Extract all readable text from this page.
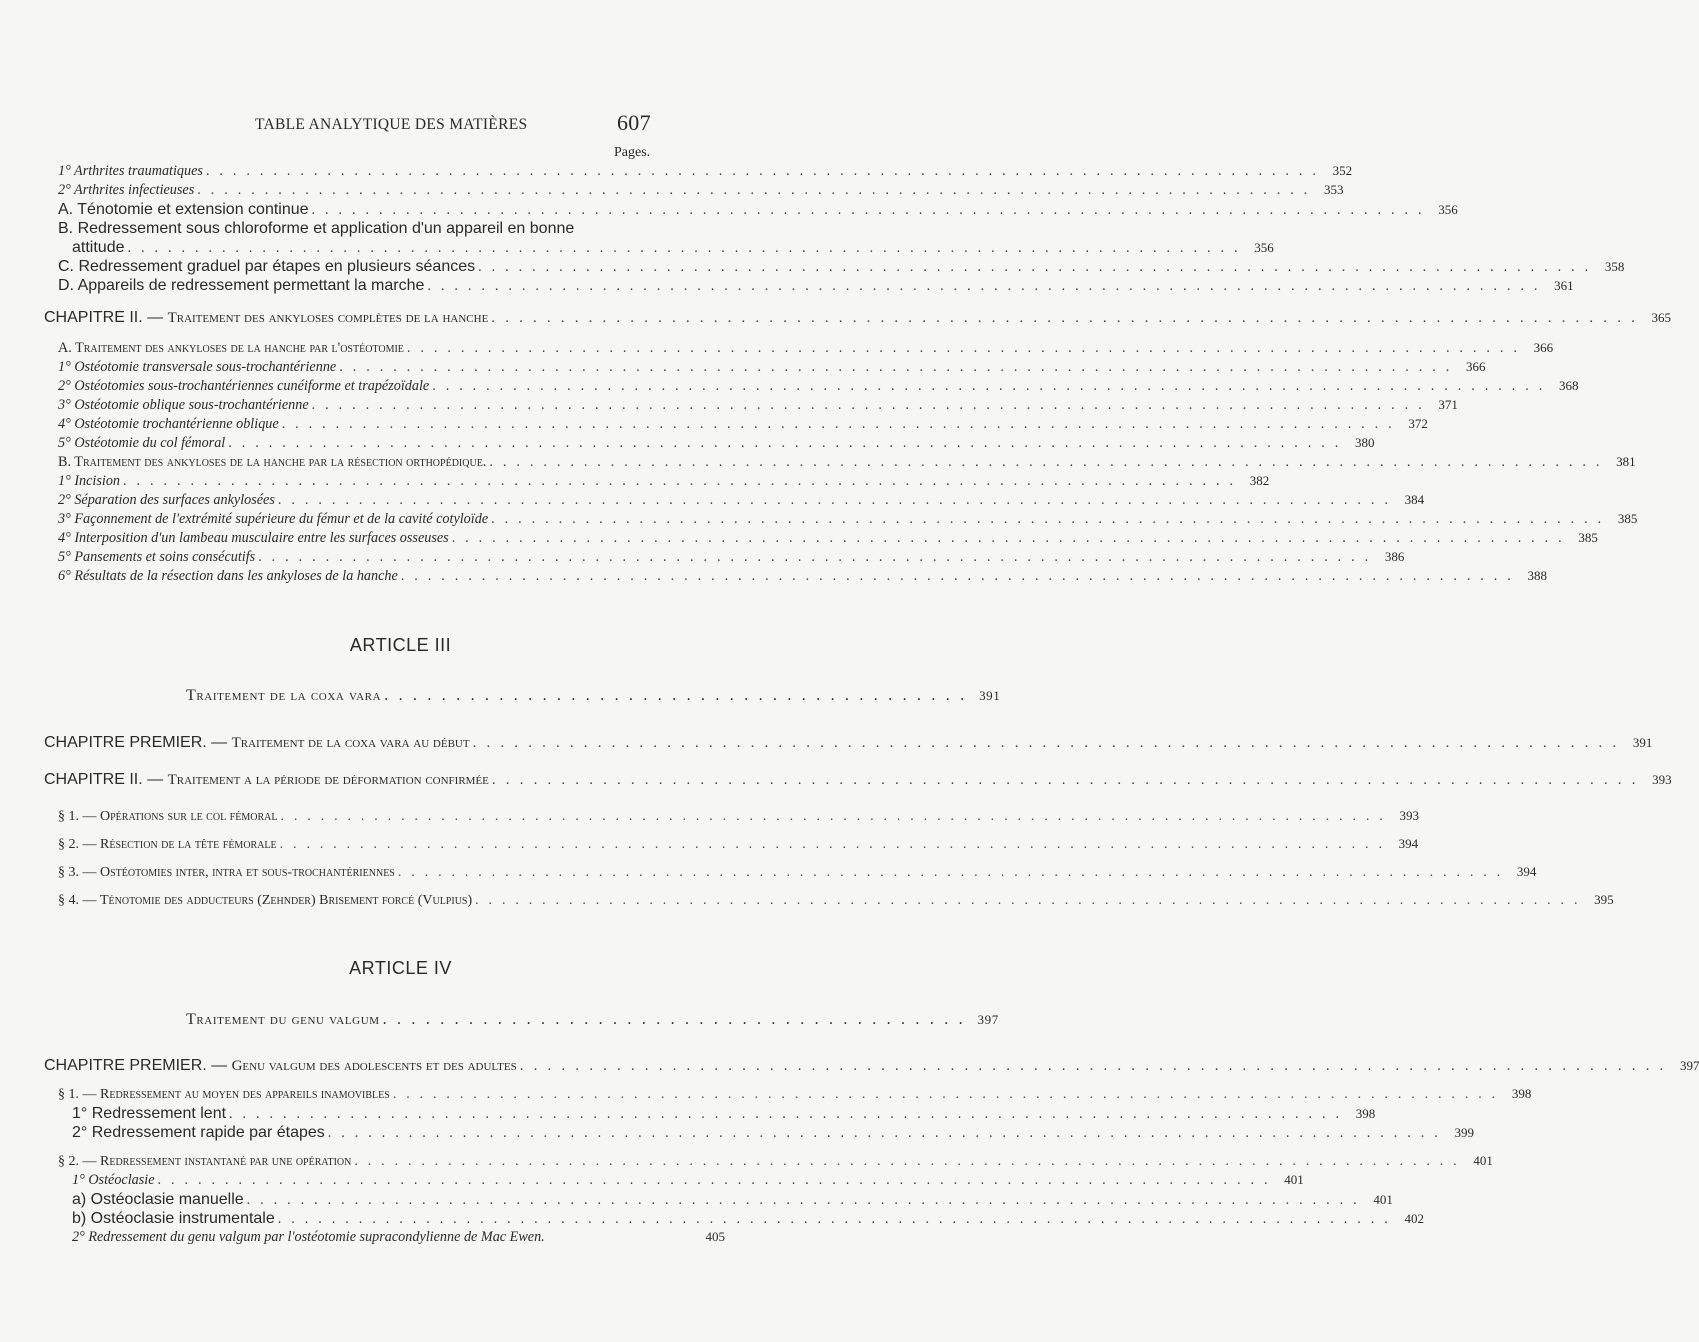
TABLE ANALYTIQUE DES MATIÈRES	607
Pages.
1° Arthrites traumatiques . . .	352
2° Arthrites infectieuses . . .	353
A. Ténotomie et extension continue . . .	356
B. Redressement sous chloroforme et application d'un appareil en bonne
attitude . . .	356
C. Redressement graduel par étapes en plusieurs séances . . .	358
D. Appareils de redressement permettant la marche . . .	361
CHAPITRE II. — Traitement des ankyloses complètes de la hanche . . .	365
A. Traitement des ankyloses de la hanche par l'ostéotomie . . .	366
1° Ostéotomie transversale sous-trochantérienne . . .	366
2° Ostéotomies sous-trochantériennes cunéiforme et trapézoïdale . . .	368
3° Ostéotomie oblique sous-trochantérienne . . .	371
4° Ostéotomie trochantérienne oblique . . .	372
5° Ostéotomie du col fémoral . . .	380
B. Traitement des ankyloses de la hanche par la résection orthopédique. . . .	381
1° Incision . . .	382
2° Séparation des surfaces ankylosées . . .	384
3° Façonnement de l'extrémité supérieure du fémur et de la cavité cotyloïde . . .	385
4° Interposition d'un lambeau musculaire entre les surfaces osseuses . . .	385
5° Pansements et soins consécutifs . . .	386
6° Résultats de la résection dans les ankyloses de la hanche . . .	388
ARTICLE III
Traitement de la coxa vara . . .	391
CHAPITRE PREMIER. — Traitement de la coxa vara au début . . .	391
CHAPITRE II. — Traitement a la période de déformation confirmée . . .	393
§ 1. — Opérations sur le col fémoral . . .	393
§ 2. — Résection de la tête fémorale . . .	394
§ 3. — Ostéotomies inter, intra et sous-trochantériennes . . .	394
§ 4. — Ténotomie des adducteurs (Zehnder) Brisement forcé (Vulpius) . . .	395
ARTICLE IV
Traitement du genu valgum . . .	397
CHAPITRE PREMIER. — Genu valgum des adolescents et des adultes . . .	397
§ 1. — Redressement au moyen des appareils inamovibles . . .	398
1° Redressement lent . . .	398
2° Redressement rapide par étapes . . .	399
§ 2. — Redressement instantané par une opération . . .	401
1° Ostéoclasie . . .	401
a) Ostéoclasie manuelle . . .	401
b) Ostéoclasie instrumentale . . .	402
2° Redressement du genu valgum par l'ostéotomie supracondylienne de Mac Ewen.	405
